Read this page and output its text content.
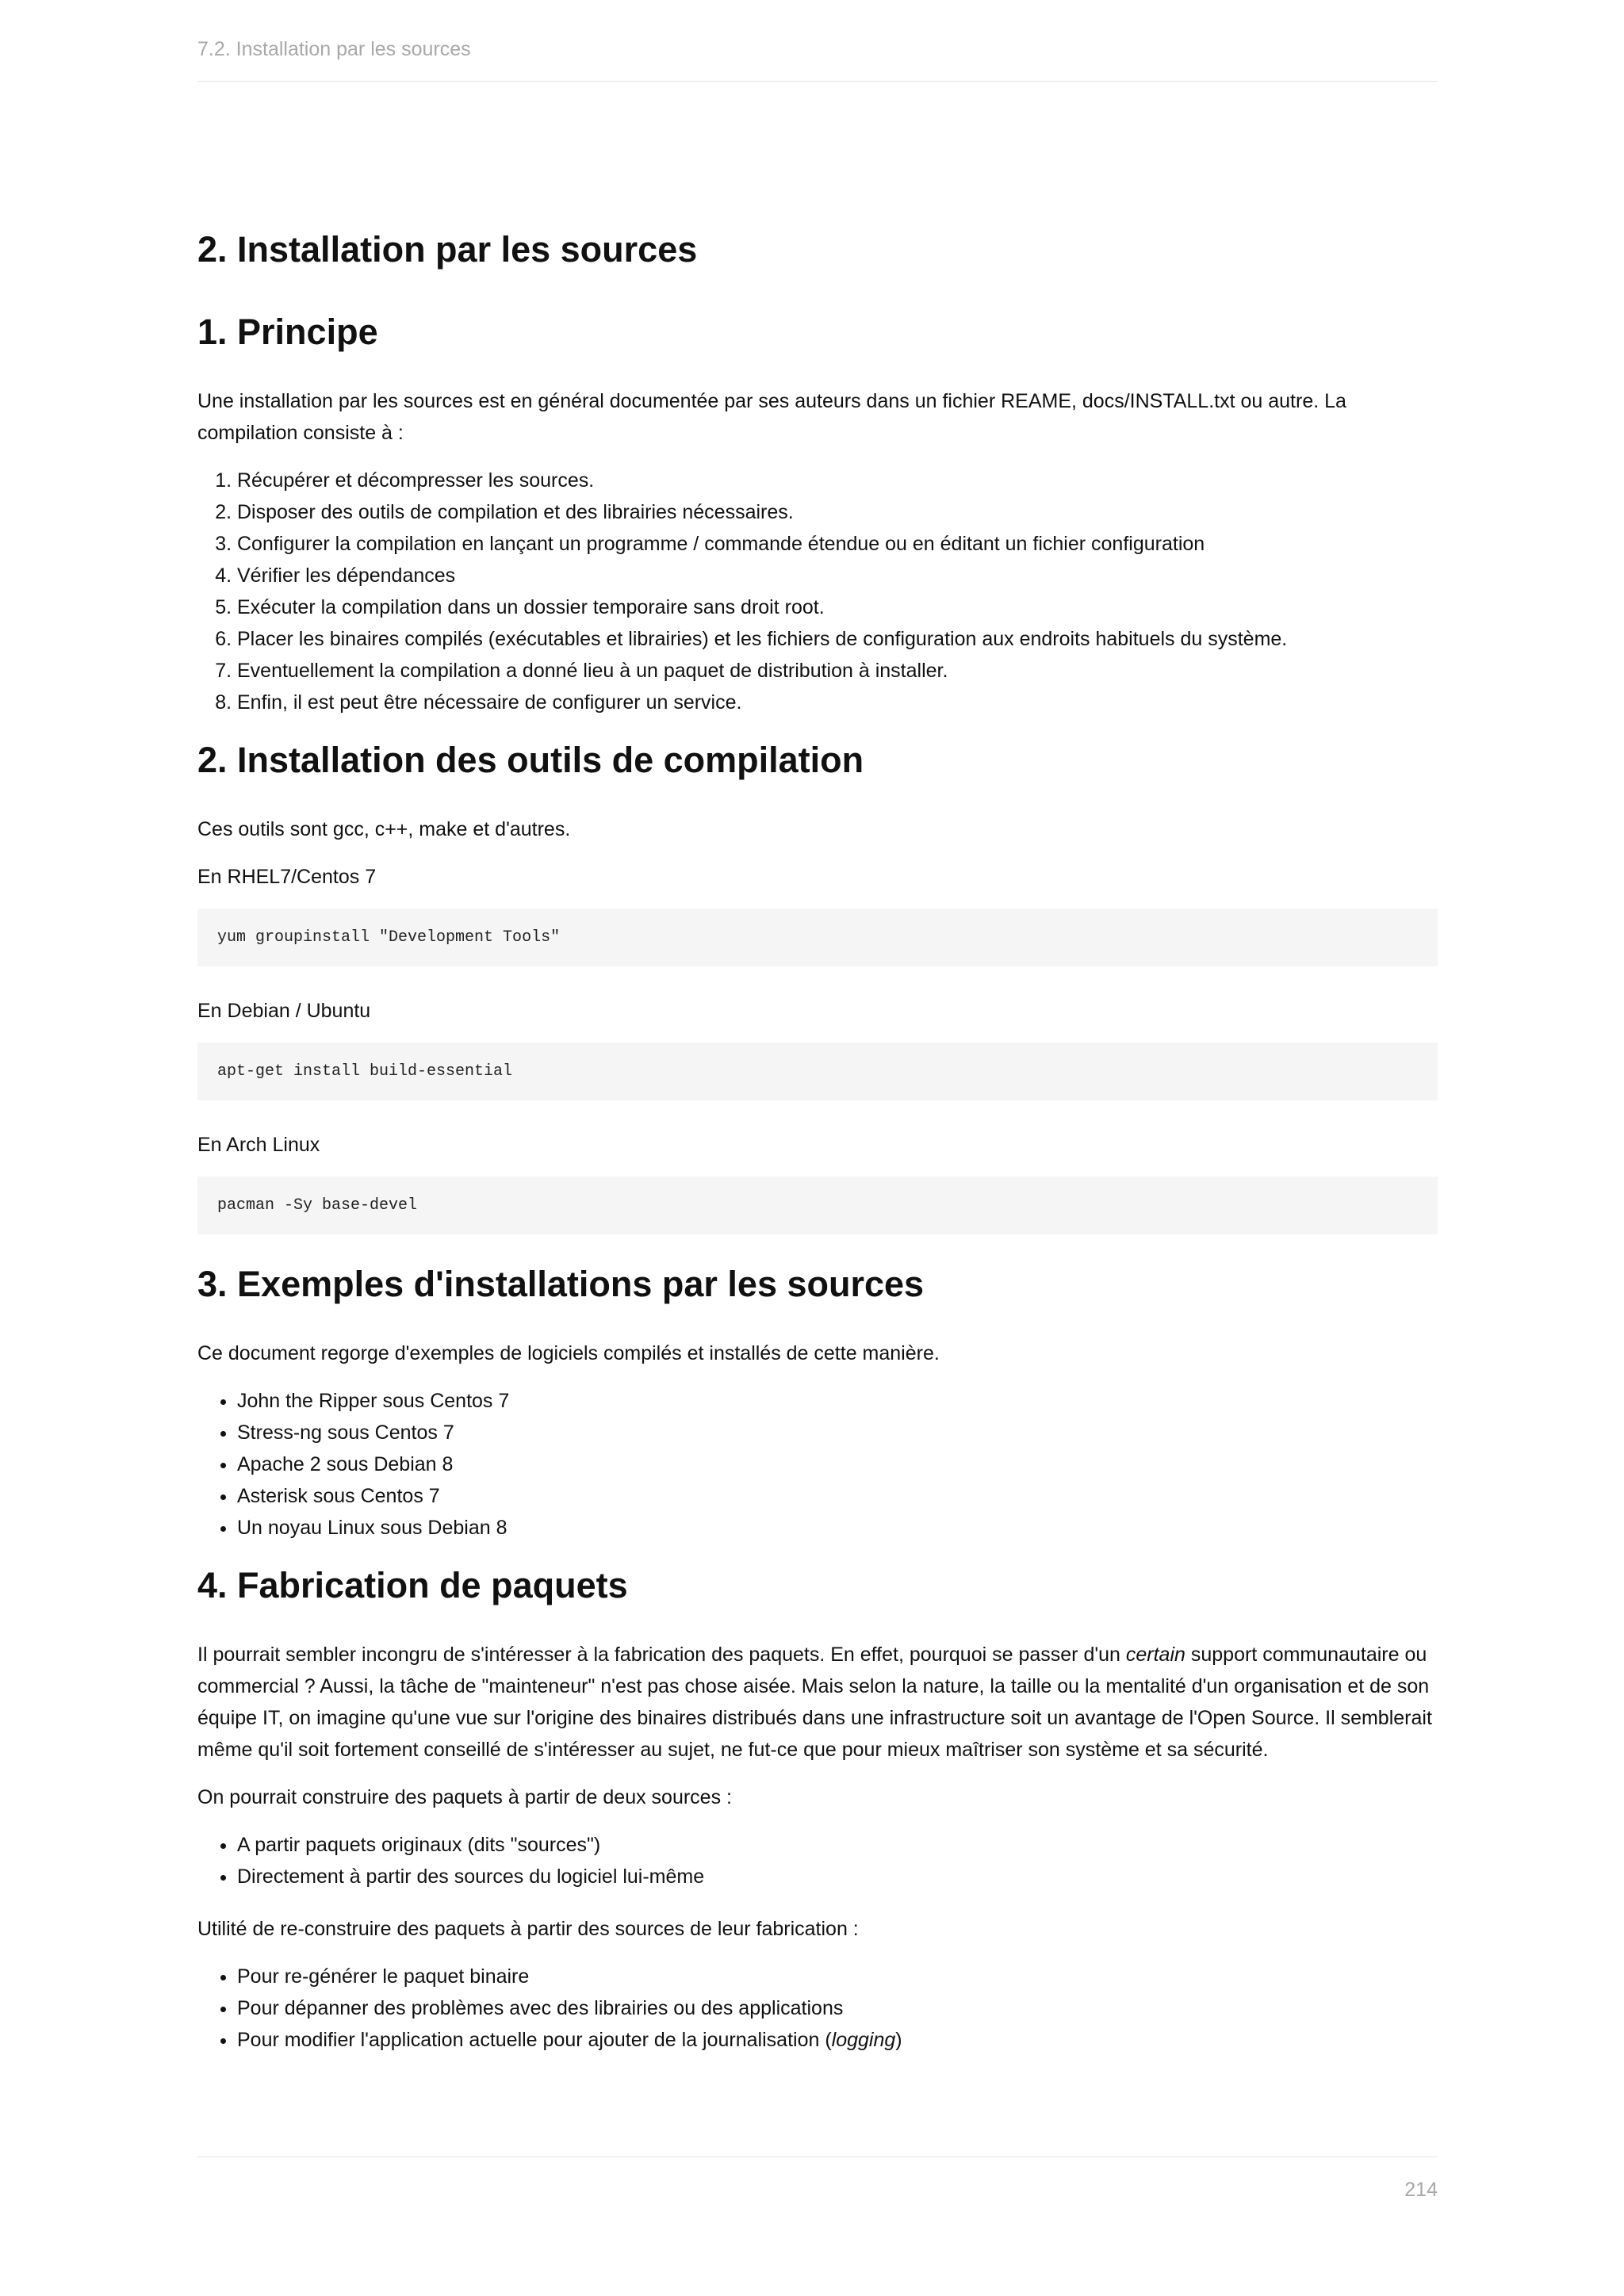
7.2. Installation par les sources
2. Installation par les sources
1. Principe

Une installation par les sources est en général documentée par ses auteurs dans un fichier REAME, docs/INSTALL.txt ou autre. La compilation consiste à :

1. Récupérer et décompresser les sources.
2. Disposer des outils de compilation et des librairies nécessaires.
3. Configurer la compilation en lançant un programme / commande étendue ou en éditant un fichier configuration
4. Vérifier les dépendances
5. Exécuter la compilation dans un dossier temporaire sans droit root.
6. Placer les binaires compilés (exécutables et librairies) et les fichiers de configuration aux endroits habituels du système.
7. Eventuellement la compilation a donné lieu à un paquet de distribution à installer.
8. Enfin, il est peut être nécessaire de configurer un service.
2. Installation des outils de compilation

Ces outils sont gcc, c++, make et d'autres.

En RHEL7/Centos 7

yum groupinstall "Development Tools"

En Debian / Ubuntu

apt-get install build-essential

En Arch Linux

pacman -Sy base-devel
3. Exemples d'installations par les sources

Ce document regorge d'exemples de logiciels compilés et installés de cette manière.

• John the Ripper sous Centos 7
• Stress-ng sous Centos 7
• Apache 2 sous Debian 8
• Asterisk sous Centos 7
• Un noyau Linux sous Debian 8
4. Fabrication de paquets

Il pourrait sembler incongru de s'intéresser à la fabrication des paquets. En effet, pourquoi se passer d'un certain support communautaire ou commercial ? Aussi, la tâche de "mainteneur" n'est pas chose aisée. Mais selon la nature, la taille ou la mentalité d'un organisation et de son équipe IT, on imagine qu'une vue sur l'origine des binaires distribués dans une infrastructure soit un avantage de l'Open Source. Il semblerait même qu'il soit fortement conseillé de s'intéresser au sujet, ne fut-ce que pour mieux maîtriser son système et sa sécurité.

On pourrait construire des paquets à partir de deux sources :

• A partir paquets originaux (dits "sources")
• Directement à partir des sources du logiciel lui-même

Utilité de re-construire des paquets à partir des sources de leur fabrication :

• Pour re-générer le paquet binaire
• Pour dépanner des problèmes avec des librairies ou des applications
• Pour modifier l'application actuelle pour ajouter de la journalisation (logging)
214
